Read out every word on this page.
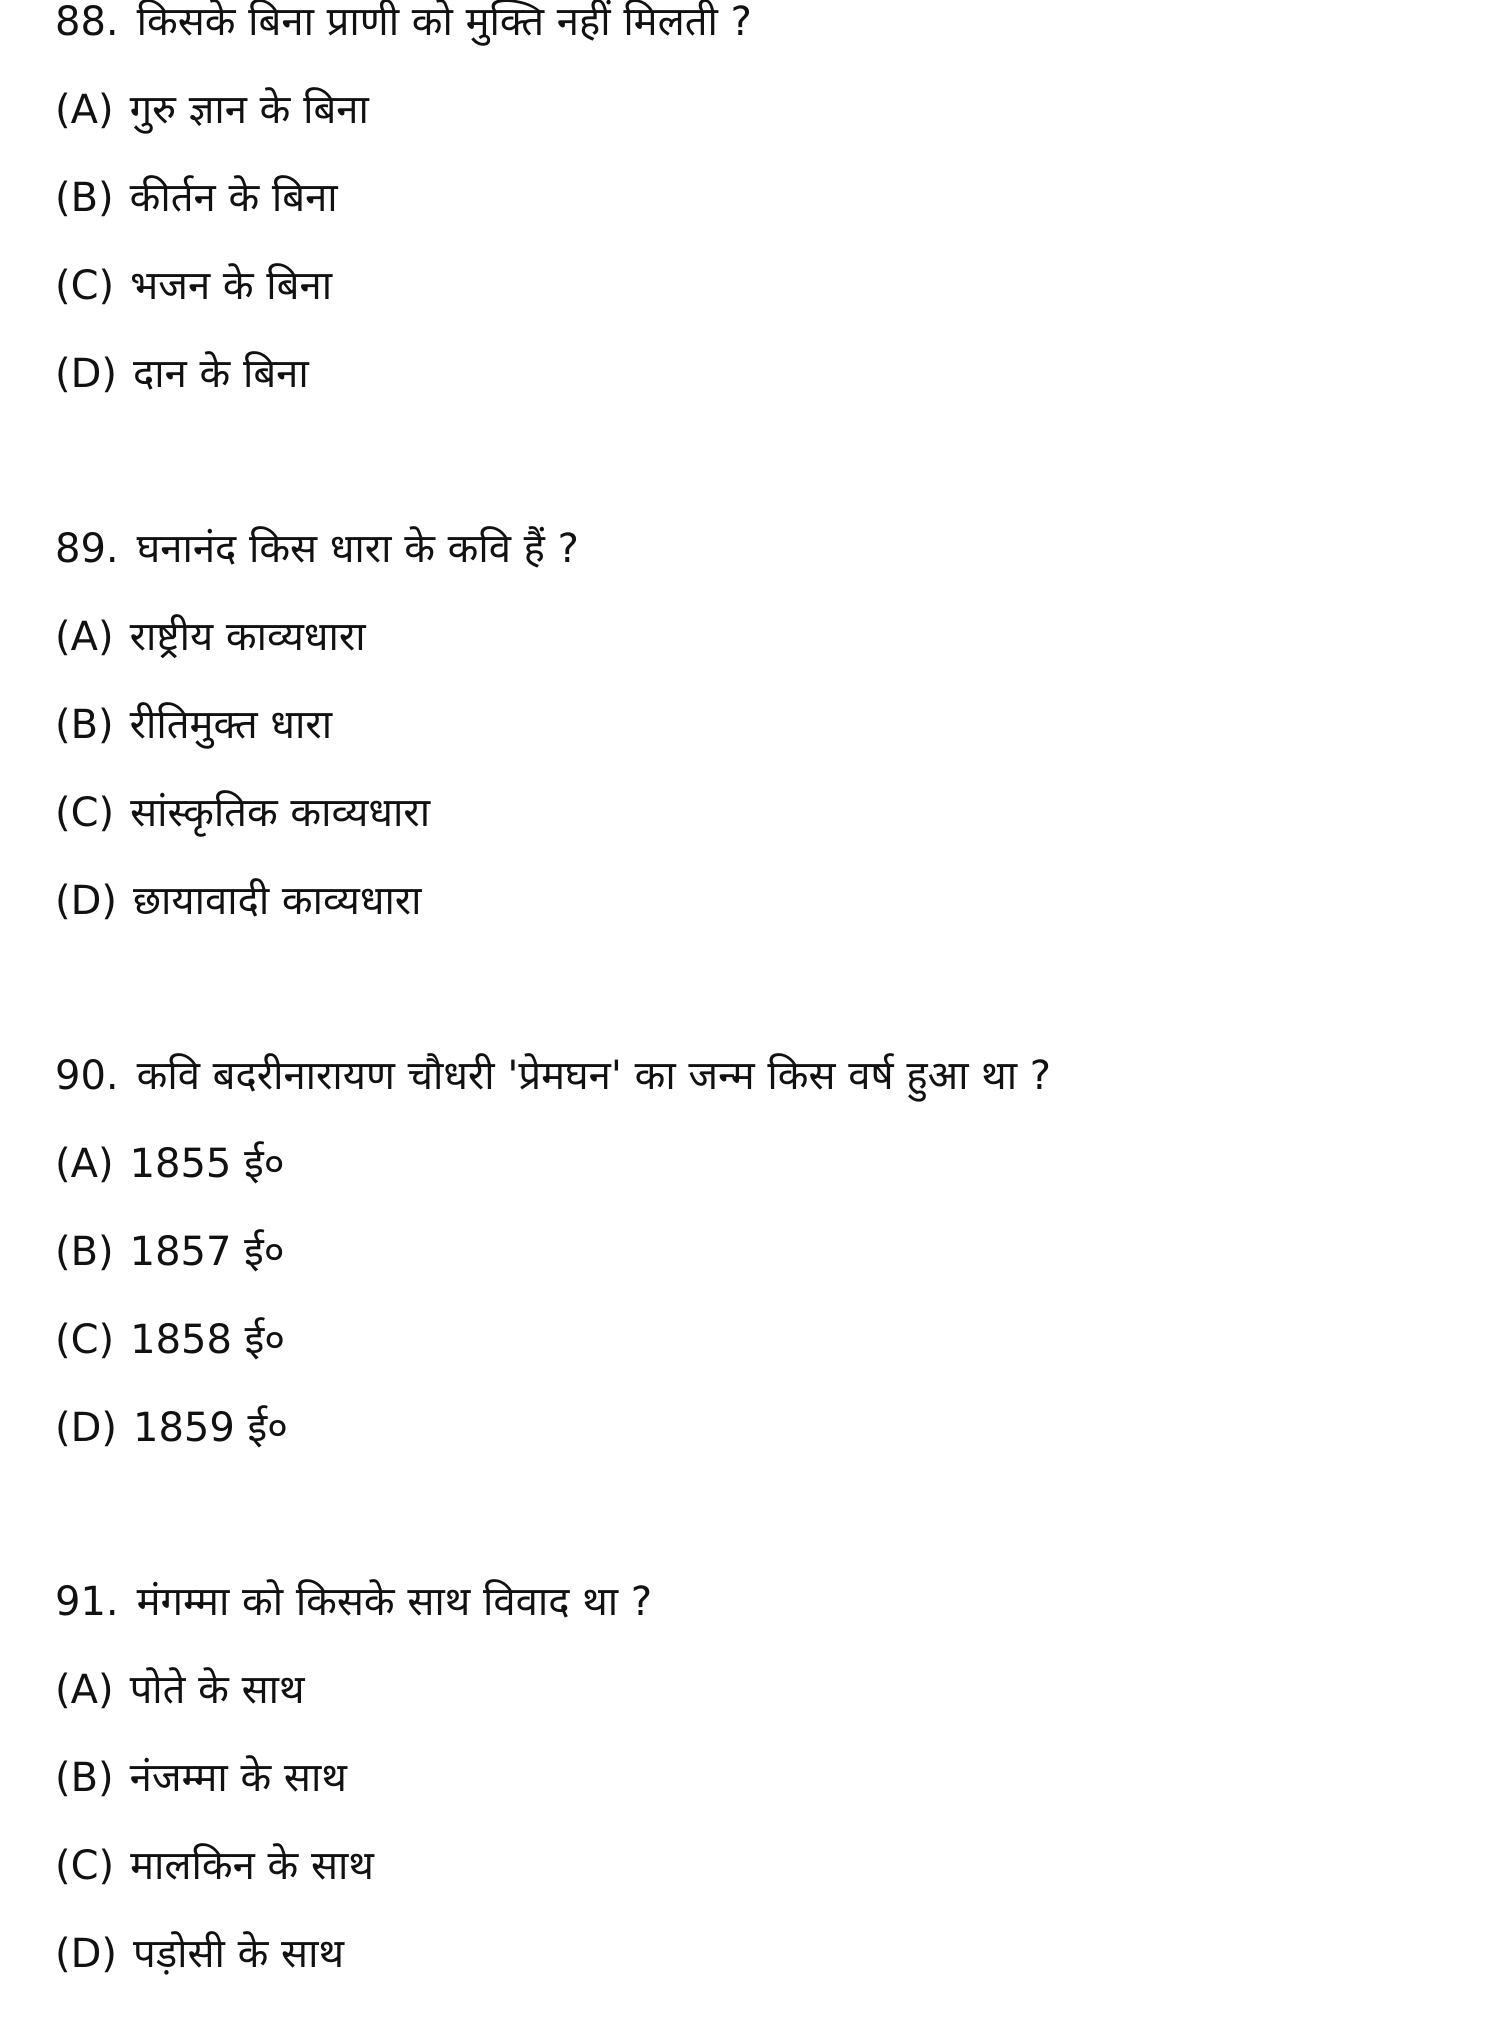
88. किसके बिना प्राणी को मुक्ति नहीं मिलती ?
(A) गुरु ज्ञान के बिना
(B) कीर्तन के बिना
(C) भजन के बिना
(D) दान के बिना
89. घनानंद किस धारा के कवि हैं ?
(A) राष्ट्रीय काव्यधारा
(B) रीतिमुक्त धारा
(C) सांस्कृतिक काव्यधारा
(D) छायावादी काव्यधारा
90. कवि बदरीनारायण चौधरी 'प्रेमघन' का जन्म किस वर्ष हुआ था ?
(A) 1855 ई०
(B) 1857 ई०
(C) 1858 ई०
(D) 1859 ई०
91. मंगम्मा को किसके साथ विवाद था ?
(A) पोते के साथ
(B) नंजम्मा के साथ
(C) मालकिन के साथ
(D) पड़ोसी के साथ
